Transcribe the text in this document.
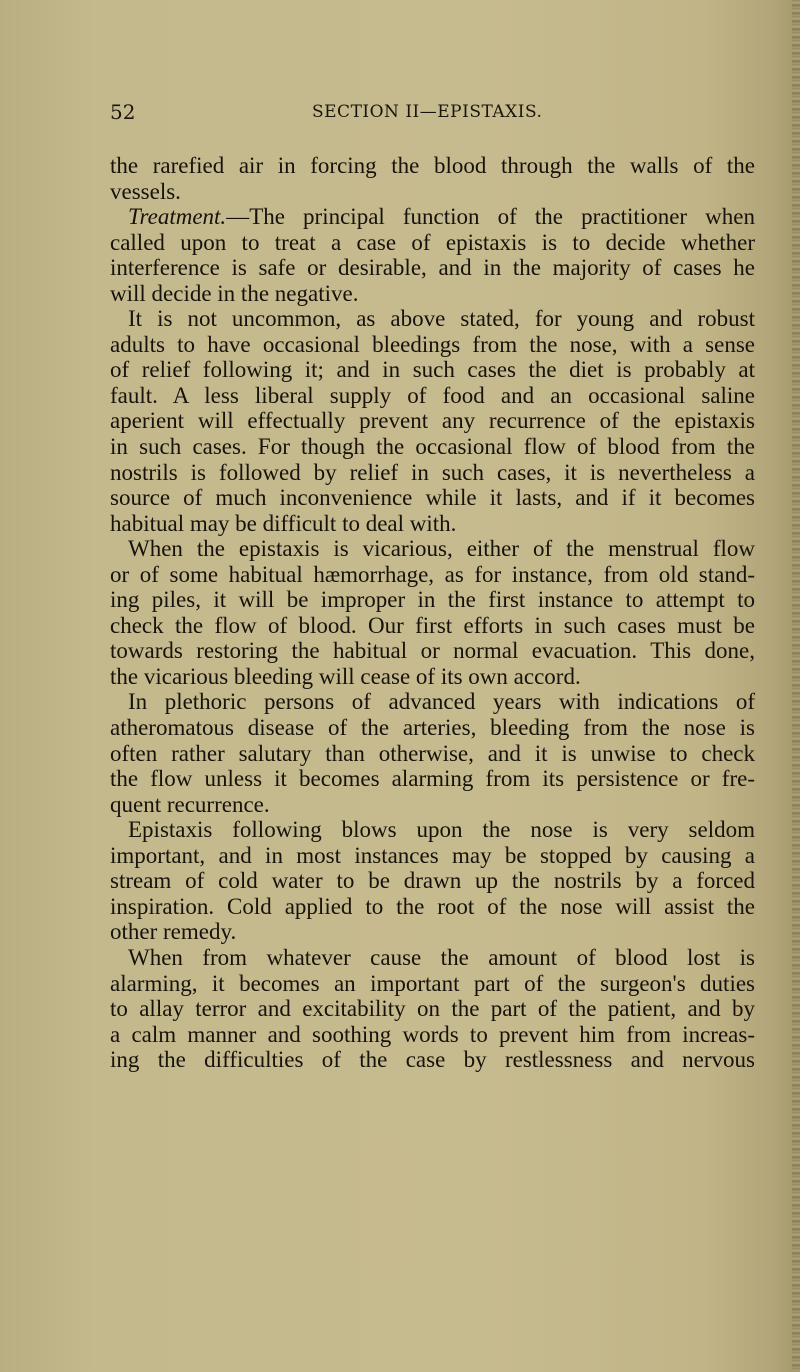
52	SECTION II—EPISTAXIS.
the rarefied air in forcing the blood through the walls of the
vessels.
Treatment.—The principal function of the practitioner when
called upon to treat a case of epistaxis is to decide whether
interference is safe or desirable, and in the majority of cases he
will decide in the negative.
It is not uncommon, as above stated, for young and robust
adults to have occasional bleedings from the nose, with a sense
of relief following it; and in such cases the diet is probably at
fault. A less liberal supply of food and an occasional saline
aperient will effectually prevent any recurrence of the epistaxis
in such cases. For though the occasional flow of blood from the
nostrils is followed by relief in such cases, it is nevertheless a
source of much inconvenience while it lasts, and if it becomes
habitual may be difficult to deal with.
When the epistaxis is vicarious, either of the menstrual flow
or of some habitual hæmorrhage, as for instance, from old stand-
ing piles, it will be improper in the first instance to attempt to
check the flow of blood. Our first efforts in such cases must be
towards restoring the habitual or normal evacuation. This done,
the vicarious bleeding will cease of its own accord.
In plethoric persons of advanced years with indications of
atheromatous disease of the arteries, bleeding from the nose is
often rather salutary than otherwise, and it is unwise to check
the flow unless it becomes alarming from its persistence or fre-
quent recurrence.
Epistaxis following blows upon the nose is very seldom
important, and in most instances may be stopped by causing a
stream of cold water to be drawn up the nostrils by a forced
inspiration. Cold applied to the root of the nose will assist the
other remedy.
When from whatever cause the amount of blood lost is
alarming, it becomes an important part of the surgeon's duties
to allay terror and excitability on the part of the patient, and by
a calm manner and soothing words to prevent him from increas-
ing the difficulties of the case by restlessness and nervous
